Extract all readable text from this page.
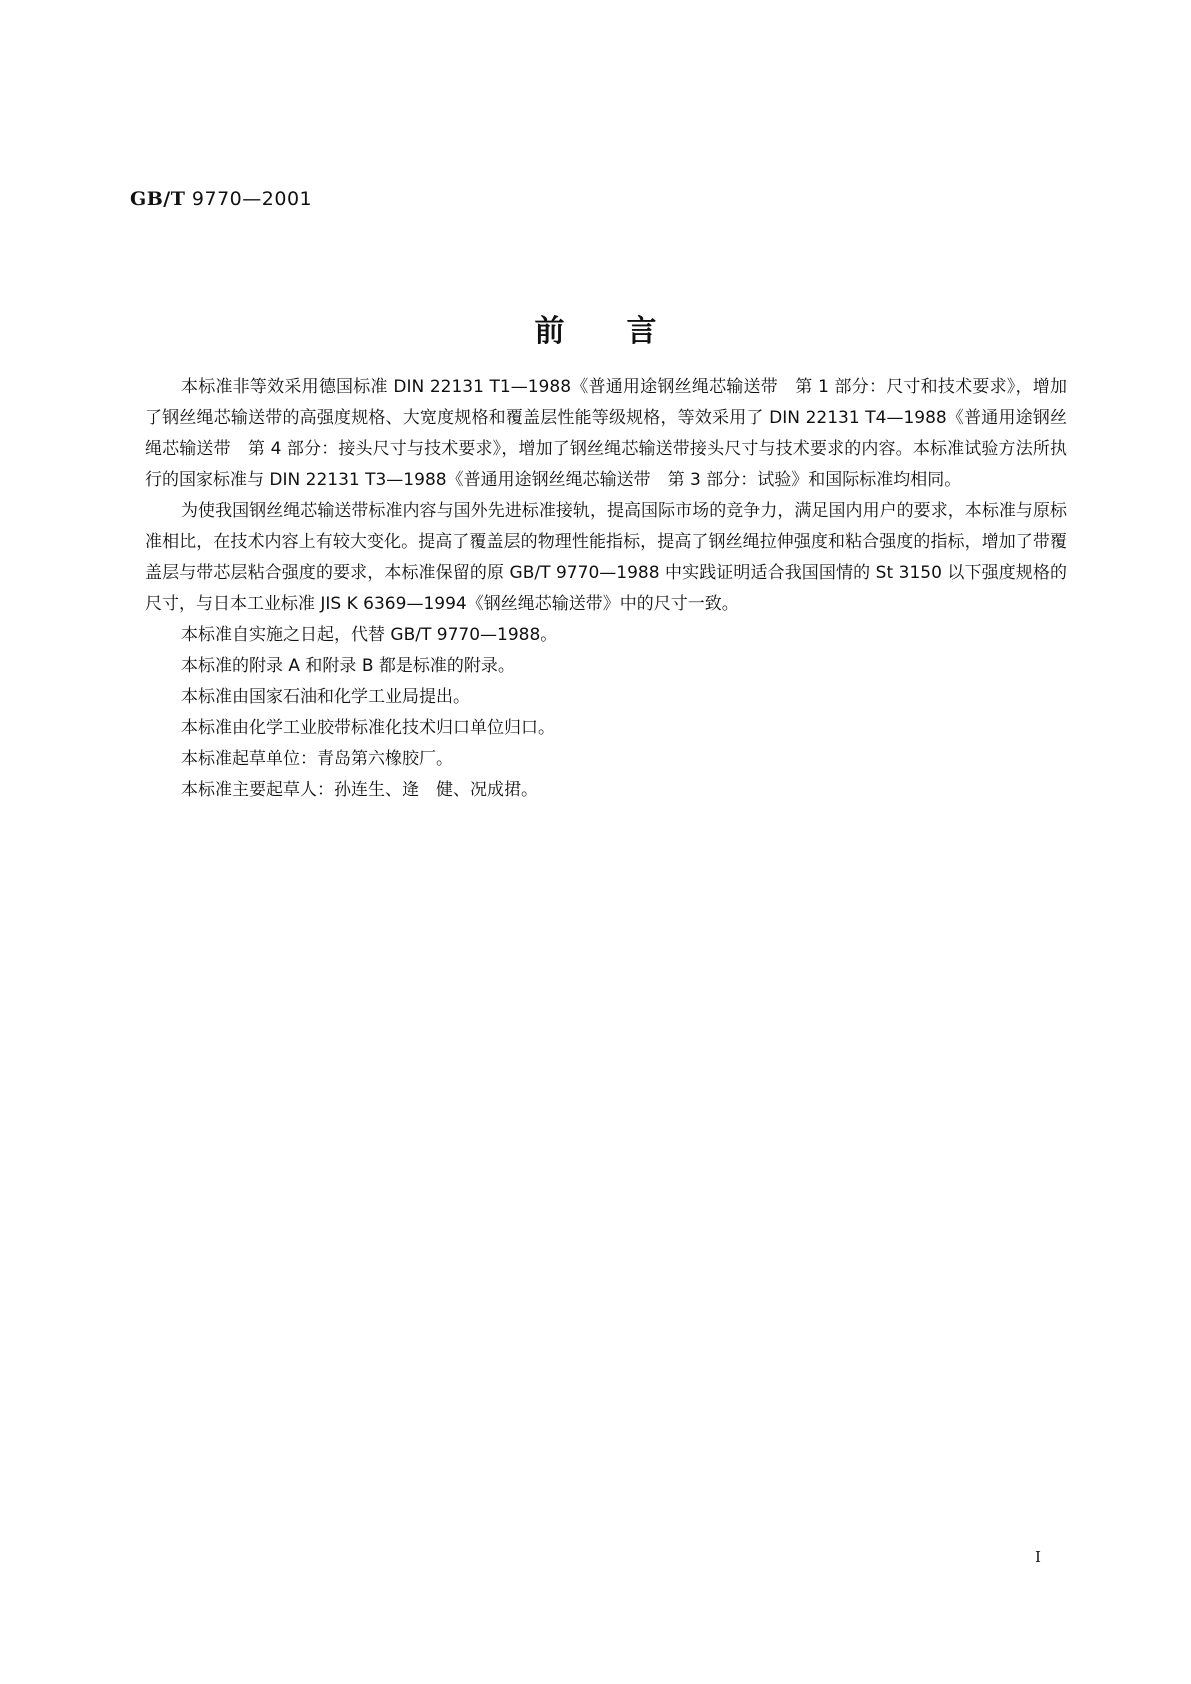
GB/T 9770—2001
前言

本标准非等效采用德国标准 DIN 22131 T1—1988《普通用途钢丝绳芯输送带　第 1 部分：尺寸和技术要求》，增加了钢丝绳芯输送带的高强度规格、大宽度规格和覆盖层性能等级规格，等效采用了 DIN 22131 T4—1988《普通用途钢丝绳芯输送带　第 4 部分：接头尺寸与技术要求》，增加了钢丝绳芯输送带接头尺寸与技术要求的内容。本标准试验方法所执行的国家标准与 DIN 22131 T3—1988《普通用途钢丝绳芯输送带　第 3 部分：试验》和国际标准均相同。

为使我国钢丝绳芯输送带标准内容与国外先进标准接轨，提高国际市场的竞争力，满足国内用户的要求，本标准与原标准相比，在技术内容上有较大变化。提高了覆盖层的物理性能指标，提高了钢丝绳拉伸强度和粘合强度的指标，增加了带覆盖层与带芯层粘合强度的要求，本标准保留的原 GB/T 9770—1988 中实践证明适合我国国情的 St 3150 以下强度规格的尺寸，与日本工业标准 JIS K 6369—1994《钢丝绳芯输送带》中的尺寸一致。

本标准自实施之日起，代替 GB/T 9770—1988。

本标准的附录 A 和附录 B 都是标准的附录。

本标准由国家石油和化学工业局提出。

本标准由化学工业胶带标准化技术归口单位归口。

本标准起草单位：青岛第六橡胶厂。

本标准主要起草人：孙连生、逄　健、况成捃。

I
